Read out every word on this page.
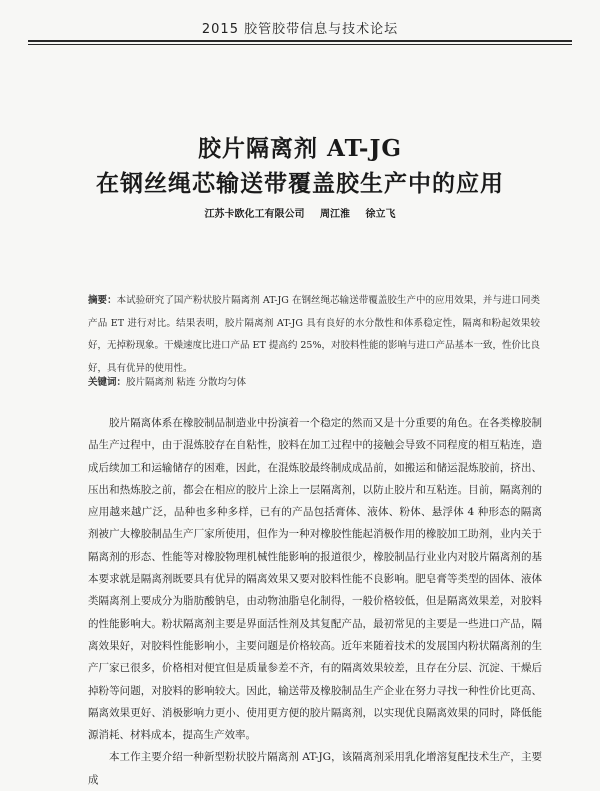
2015 胶管胶带信息与技术论坛
胶片隔离剂 AT-JG
在钢丝绳芯输送带覆盖胶生产中的应用
江苏卡欧化工有限公司 周江淮 徐立飞
摘要：本试验研究了国产粉状胶片隔离剂 AT-JG 在钢丝绳芯输送带覆盖胶生产中的应用效果，并与进口同类产品 ET 进行对比。结果表明，胶片隔离剂 AT-JG 具有良好的水分散性和体系稳定性，隔离和粉起效果较好，无掉粉现象。干燥速度比进口产品 ET 提高约 25%，对胶料性能的影响与进口产品基本一致，性价比良好，具有优异的使用性。
关键词：胶片隔离剂 粘连 分散均匀体

胶片隔离体系在橡胶制品制造业中扮演着一个稳定的然而又是十分重要的角色。在各类橡胶制品生产过程中，由于混炼胶存在自粘性，胶料在加工过程中的接触会导致不同程度的相互粘连，造成后续加工和运输储存的困难，因此，在混炼胶最终制成成品前，如搬运和储运混炼胶前，挤出、压出和热炼胶之前，都会在相应的胶片上涂上一层隔离剂，以防止胶片和互粘连。目前，隔离剂的应用越来越广泛，品种也多种多样，已有的产品包括膏体、液体、粉体、悬浮体 4 种形态的隔离剂被广大橡胶制品生产厂家所使用，但作为一种对橡胶性能起消极作用的橡胶加工助剂，业内关于隔离剂的形态、性能等对橡胶物理机械性能影响的报道很少，橡胶制品行业业内对胶片隔离剂的基本要求就是隔离剂既要具有优异的隔离效果又要对胶料性能不良影响。肥皂膏等类型的固体、液体类隔离剂上要成分为脂肪酸钠皂，由动物油脂皂化制得，一般价格较低，但是隔离效果差，对胶料的性能影响大。粉状隔离剂主要是界面活性剂及其复配产品，最初常见的主要是一些进口产品，隔离效果好，对胶料性能影响小，主要问题是价格较高。近年来随着技术的发展国内粉状隔离剂的生产厂家已很多，价格相对便宜但是质量参差不齐，有的隔离效果较差，且存在分层、沉淀、干燥后掉粉等问题，对胶料的影响较大。因此，输送带及橡胶制品生产企业在努力寻找一种性价比更高、隔离效果更好、消极影响力更小、使用更方便的胶片隔离剂，以实现优良隔离效果的同时，降低能源消耗、材料成本，提高生产效率。

本工作主要介绍一种新型粉状胶片隔离剂 AT-JG，该隔离剂采用乳化增溶复配技术生产，主要成
